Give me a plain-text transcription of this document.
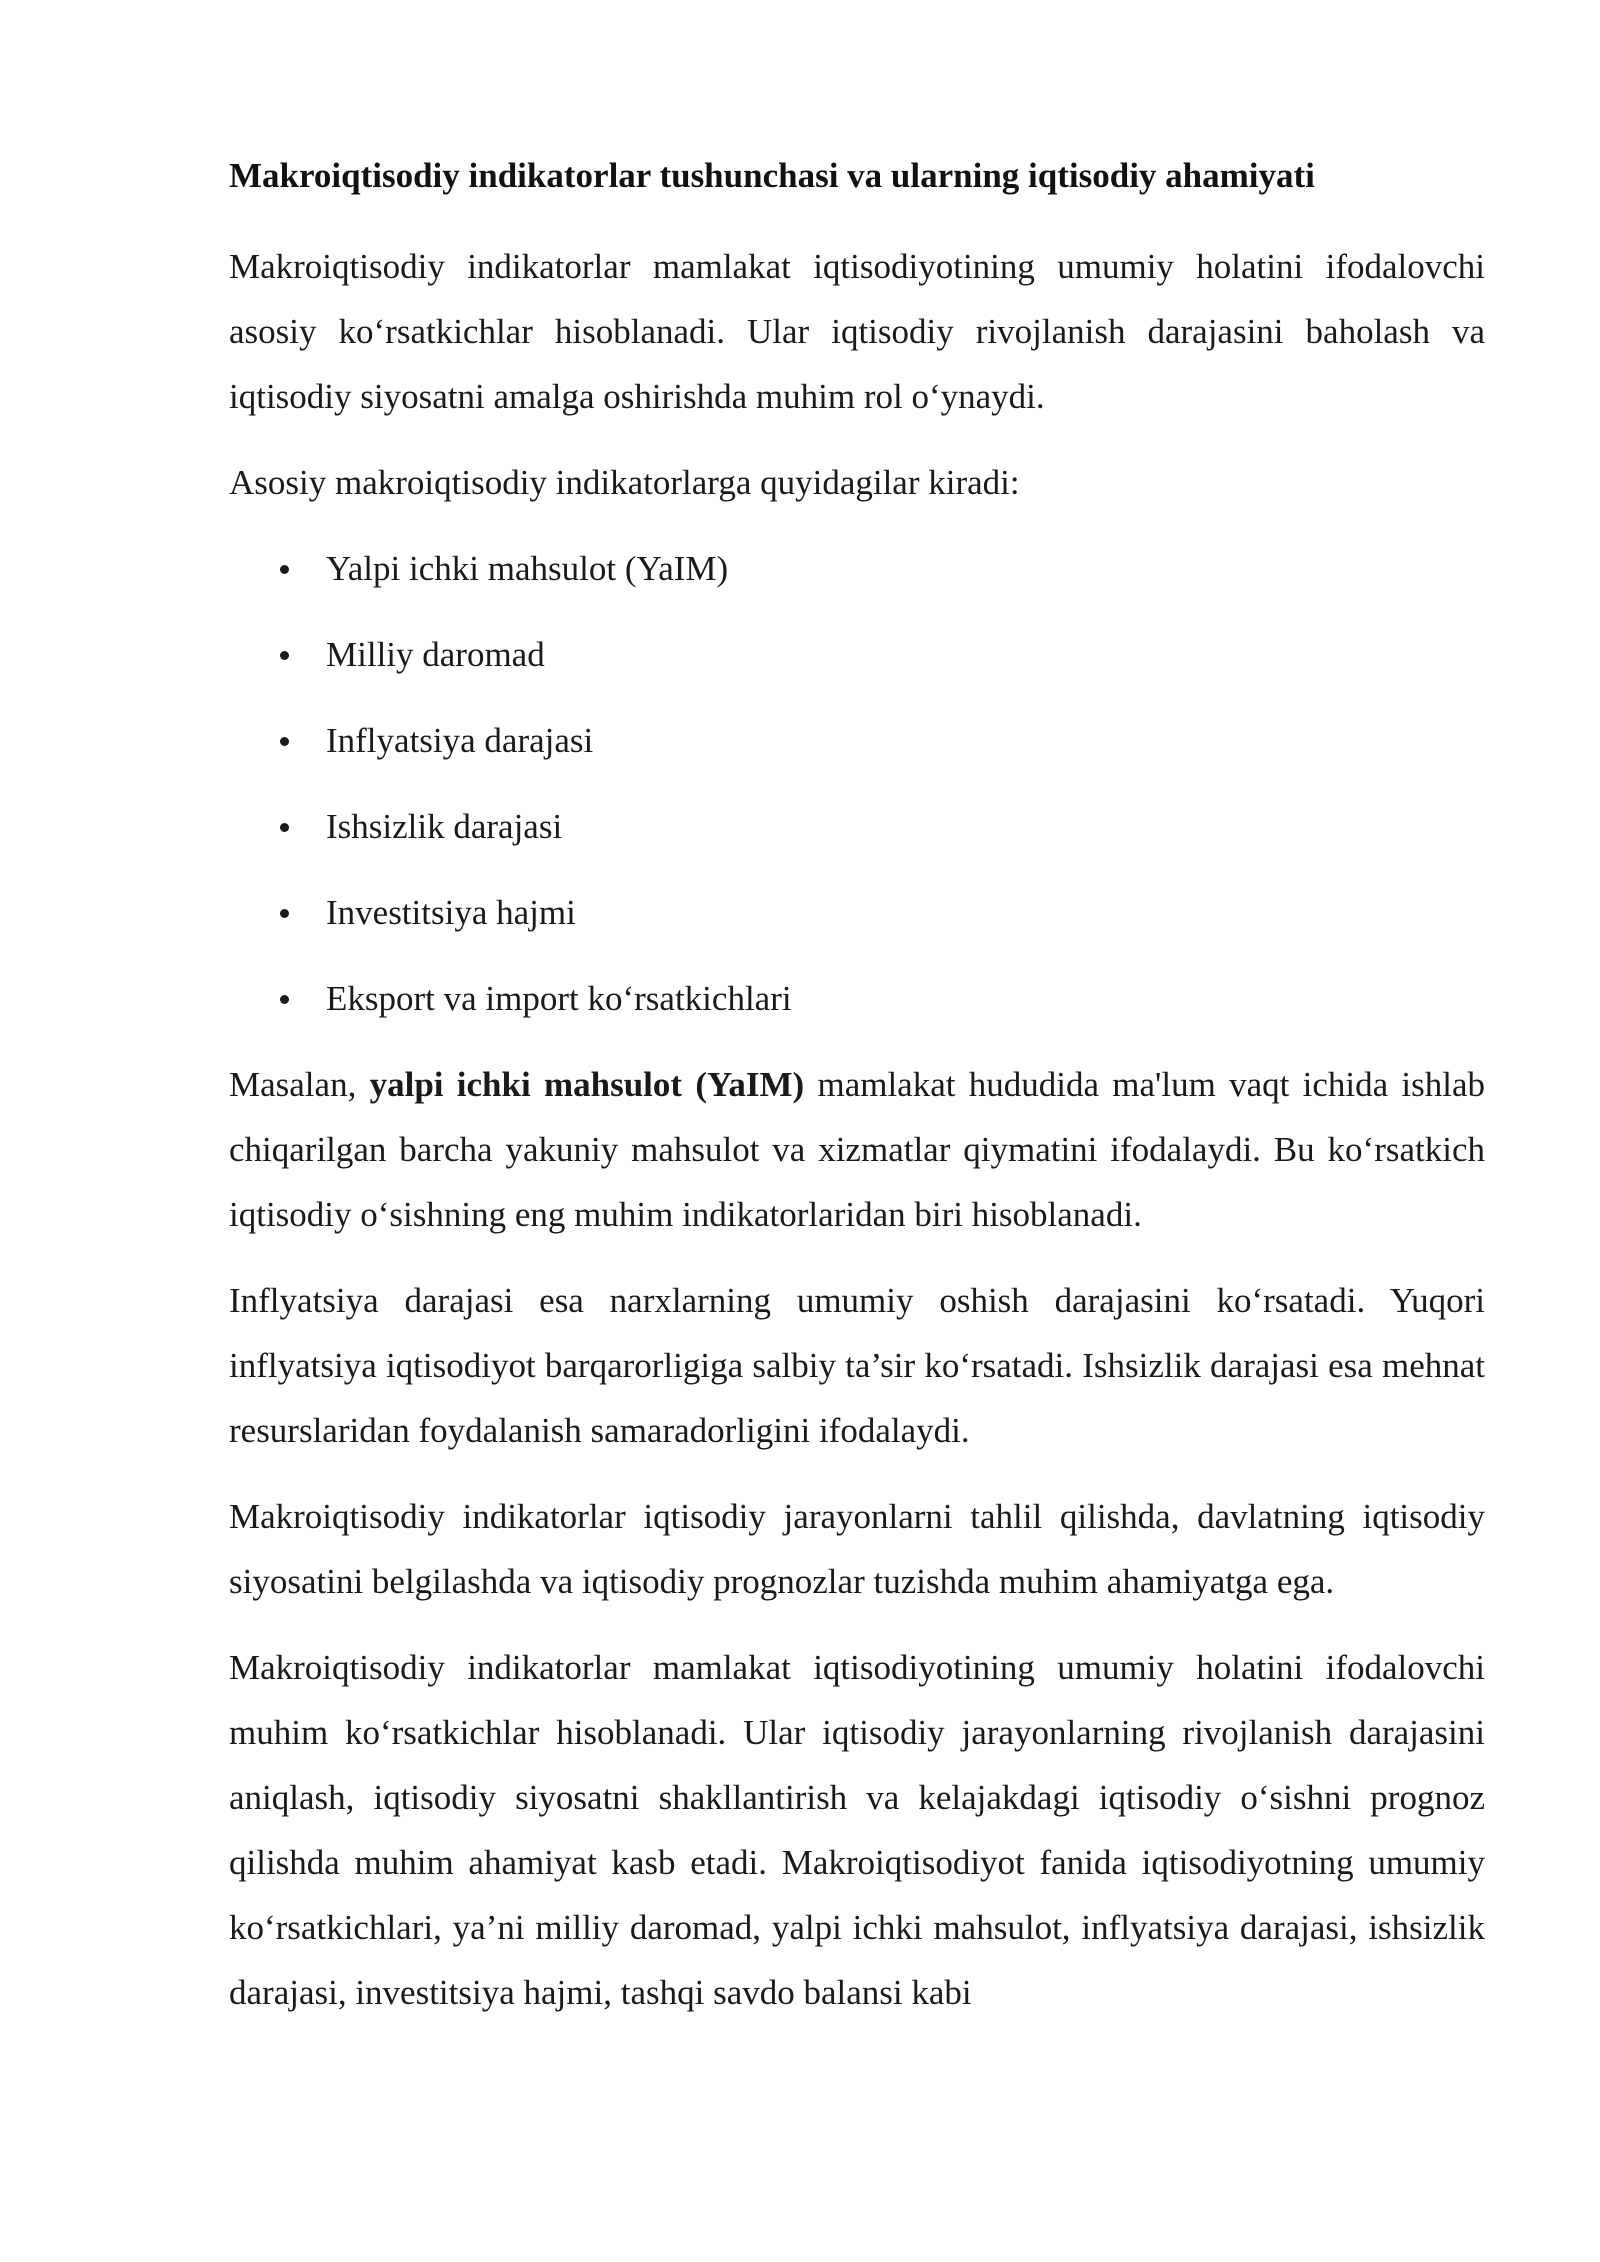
Makroiqtisodiy indikatorlar tushunchasi va ularning iqtisodiy ahamiyati

Makroiqtisodiy indikatorlar mamlakat iqtisodiyotining umumiy holatini ifodalovchi asosiy ko‘rsatkichlar hisoblanadi. Ular iqtisodiy rivojlanish darajasini baholash va iqtisodiy siyosatni amalga oshirishda muhim rol o‘ynaydi.

Asosiy makroiqtisodiy indikatorlarga quyidagilar kiradi:

Yalpi ichki mahsulot (YaIM)
Milliy daromad
Inflyatsiya darajasi
Ishsizlik darajasi
Investitsiya hajmi
Eksport va import ko‘rsatkichlari

Masalan, yalpi ichki mahsulot (YaIM) mamlakat hududida ma'lum vaqt ichida ishlab chiqarilgan barcha yakuniy mahsulot va xizmatlar qiymatini ifodalaydi. Bu ko‘rsatkich iqtisodiy o‘sishning eng muhim indikatorlaridan biri hisoblanadi.

Inflyatsiya darajasi esa narxlarning umumiy oshish darajasini ko‘rsatadi. Yuqori inflyatsiya iqtisodiyot barqarorligiga salbiy ta’sir ko‘rsatadi. Ishsizlik darajasi esa mehnat resurslaridan foydalanish samaradorligini ifodalaydi.

Makroiqtisodiy indikatorlar iqtisodiy jarayonlarni tahlil qilishda, davlatning iqtisodiy siyosatini belgilashda va iqtisodiy prognozlar tuzishda muhim ahamiyatga ega.

Makroiqtisodiy indikatorlar mamlakat iqtisodiyotining umumiy holatini ifodalovchi muhim ko‘rsatkichlar hisoblanadi. Ular iqtisodiy jarayonlarning rivojlanish darajasini aniqlash, iqtisodiy siyosatni shakllantirish va kelajakdagi iqtisodiy o‘sishni prognoz qilishda muhim ahamiyat kasb etadi. Makroiqtisodiyot fanida iqtisodiyotning umumiy ko‘rsatkichlari, ya’ni milliy daromad, yalpi ichki mahsulot, inflyatsiya darajasi, ishsizlik darajasi, investitsiya hajmi, tashqi savdo balansi kabi
